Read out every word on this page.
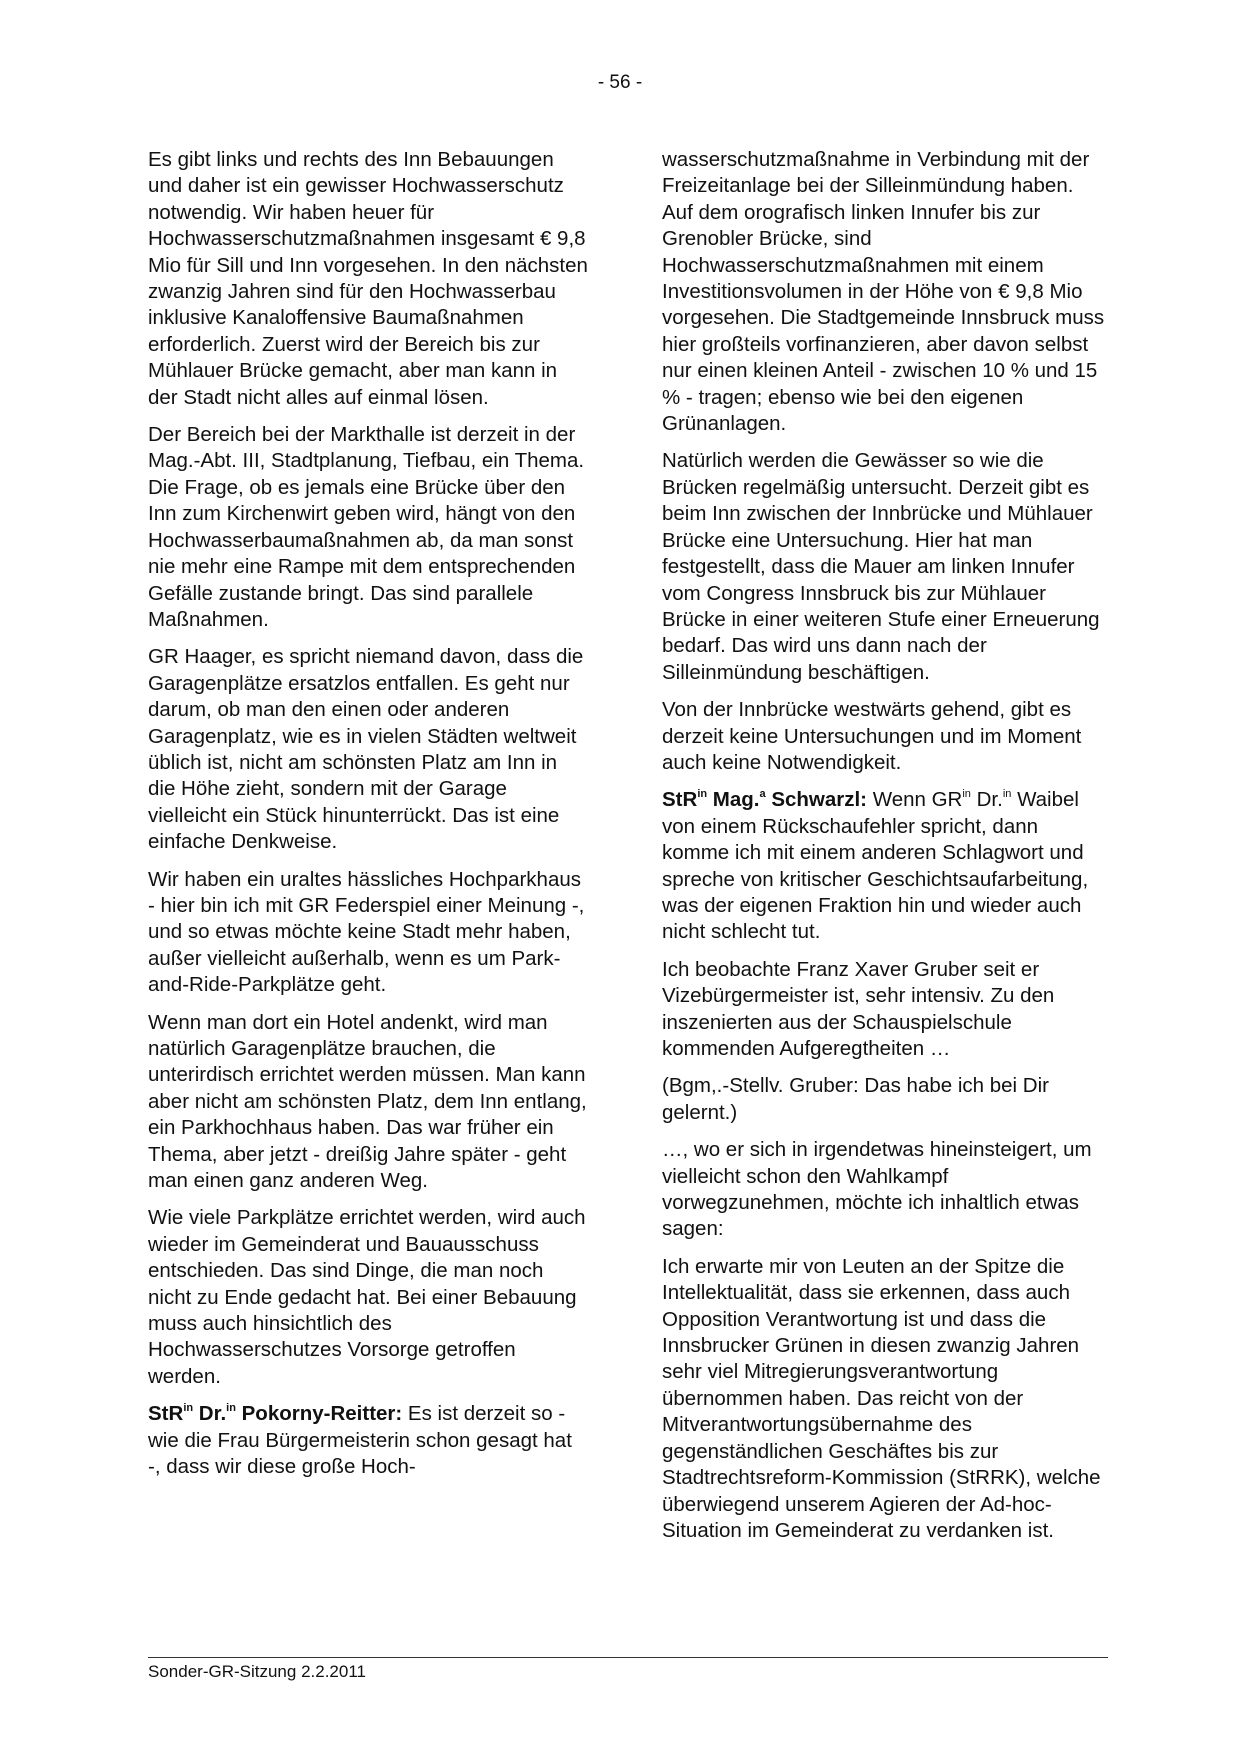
- 56 -

Es gibt links und rechts des Inn Bebauungen und daher ist ein gewisser Hochwasserschutz notwendig. Wir haben heuer für Hochwasserschutzmaßnahmen insgesamt € 9,8 Mio für Sill und Inn vorgesehen. In den nächsten zwanzig Jahren sind für den Hochwasserbau inklusive Kanaloffensive Baumaßnahmen erforderlich. Zuerst wird der Bereich bis zur Mühlauer Brücke gemacht, aber man kann in der Stadt nicht alles auf einmal lösen.

Der Bereich bei der Markthalle ist derzeit in der Mag.-Abt. III, Stadtplanung, Tiefbau, ein Thema. Die Frage, ob es jemals eine Brücke über den Inn zum Kirchenwirt geben wird, hängt von den Hochwasserbaumaßnahmen ab, da man sonst nie mehr eine Rampe mit dem entsprechenden Gefälle zustande bringt. Das sind parallele Maßnahmen.

GR Haager, es spricht niemand davon, dass die Garagenplätze ersatzlos entfallen. Es geht nur darum, ob man den einen oder anderen Garagenplatz, wie es in vielen Städten weltweit üblich ist, nicht am schönsten Platz am Inn in die Höhe zieht, sondern mit der Garage vielleicht ein Stück hinunterrückt. Das ist eine einfache Denkweise.

Wir haben ein uraltes hässliches Hochparkhaus - hier bin ich mit GR Federspiel einer Meinung -, und so etwas möchte keine Stadt mehr haben, außer vielleicht außerhalb, wenn es um Park-and-Ride-Parkplätze geht.

Wenn man dort ein Hotel andenkt, wird man natürlich Garagenplätze brauchen, die unterirdisch errichtet werden müssen. Man kann aber nicht am schönsten Platz, dem Inn entlang, ein Parkhochhaus haben. Das war früher ein Thema, aber jetzt - dreißig Jahre später - geht man einen ganz anderen Weg.

Wie viele Parkplätze errichtet werden, wird auch wieder im Gemeinderat und Bauausschuss entschieden. Das sind Dinge, die man noch nicht zu Ende gedacht hat. Bei einer Bebauung muss auch hinsichtlich des Hochwasserschutzes Vorsorge getroffen werden.

StR$^{in}$ Dr.$^{in}$ Pokorny-Reitter: Es ist derzeit so - wie die Frau Bürgermeisterin schon gesagt hat -, dass wir diese große Hoch-

wasserschutzmaßnahme in Verbindung mit der Freizeitanlage bei der Silleinmündung haben. Auf dem orografisch linken Innufer bis zur Grenobler Brücke, sind Hochwasserschutzmaßnahmen mit einem Investitionsvolumen in der Höhe von € 9,8 Mio vorgesehen. Die Stadtgemeinde Innsbruck muss hier großteils vorfinanzieren, aber davon selbst nur einen kleinen Anteil - zwischen 10 % und 15 % - tragen; ebenso wie bei den eigenen Grünanlagen.

Natürlich werden die Gewässer so wie die Brücken regelmäßig untersucht. Derzeit gibt es beim Inn zwischen der Innbrücke und Mühlauer Brücke eine Untersuchung. Hier hat man festgestellt, dass die Mauer am linken Innufer vom Congress Innsbruck bis zur Mühlauer Brücke in einer weiteren Stufe einer Erneuerung bedarf. Das wird uns dann nach der Silleinmündung beschäftigen.

Von der Innbrücke westwärts gehend, gibt es derzeit keine Untersuchungen und im Moment auch keine Notwendigkeit.

StR$^{in}$ Mag.$^a$ Schwarzl: Wenn $GR^{in}$ Dr.$^{in}$ Waibel von einem Rückschaufehler spricht, dann komme ich mit einem anderen Schlagwort und spreche von kritischer Geschichtsaufarbeitung, was der eigenen Fraktion hin und wieder auch nicht schlecht tut.

Ich beobachte Franz Xaver Gruber seit er Vizebürgermeister ist, sehr intensiv. Zu den inszenierten aus der Schauspielschule kommenden Aufgeregtheiten …

(Bgm,.-Stellv. Gruber: Das habe ich bei Dir gelernt.)

…, wo er sich in irgendetwas hineinsteigert, um vielleicht schon den Wahlkampf vorwegzunehmen, möchte ich inhaltlich etwas sagen:

Ich erwarte mir von Leuten an der Spitze die Intellektualität, dass sie erkennen, dass auch Opposition Verantwortung ist und dass die Innsbrucker Grünen in diesen zwanzig Jahren sehr viel Mitregierungsverantwortung übernommen haben. Das reicht von der Mitverantwortungsübernahme des gegenständlichen Geschäftes bis zur Stadtrechtsreform-Kommission (StRRK), welche überwiegend unserem Agieren der Ad-hoc-Situation im Gemeinderat zu verdanken ist.

Sonder-GR-Sitzung 2.2.2011
